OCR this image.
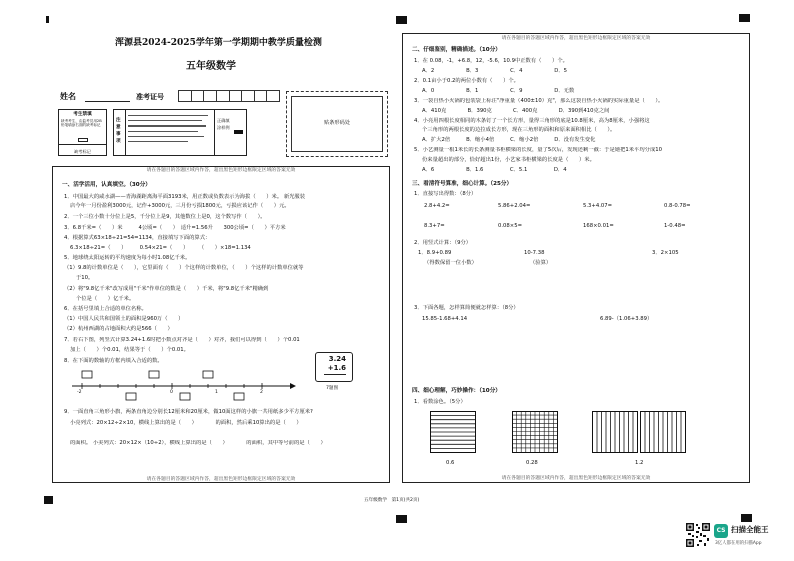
浑源县2024-2025学年第一学期期中教学质量检测
五年级数学
姓名	准考证号
考生禁填
缺考考生，由监考员用2B铅笔填涂右面的缺考标记
缺考标记
注意事项
正确填涂样例
贴条形码处
请在各题目的答题区域内作答，超出黑色矩形边框限定区域的答案无效
请在各题目的答题区域内作答，超出黑色矩形边框限定区域的答案无效
一、活学活用，认真填空。（30分）
1．中国最大的咸水湖——青海湖距离海平面3193米，用正数或负数表示为海拔（　　）米。 新光服装
店今年一月份盈利3000元，记作+3000元，三月份亏损1800元，亏损应该记作（　　）元。
2．一个三位小数十分位上是5，千分位上是9，其他数位上是0，这个数写作（　　）。
3．6.8千米=（　　）米　　　4公顷=（　　）　适升=1.56升　　300公顷=（　　）平方米
4．根据算式63×18÷21=54=1134，直接填写下面的算式：
6.3×18÷21=（　　）　　　0.54×21=（　　）　　　（　　）×18=1.134
5．地球绕太阳运转的平均速度为每小时1.08亿千米。
（1）9.8的计数单位是（　　），它里面有（　　）个这样的计数单位，（　　）个这样的计数单位就等
于10。
（2）将"9.8亿千米"改写成用"千米"作单位的数是（　　）千米，将"9.8亿千米"精确到
个位是（　　）亿千米。
6．在括号里填上合适的单位名称。
（1）中国人民共和国领土的面积是960万（　　）
（2）杭州西湖的占地面积大约是566（　　）
7．若右下图，列竖式计算3.24+1.6时把小数点对齐是（　　）对齐，我们可以得到（　　）个0.01
加上（　　）个0.01，结果等于（　　）个0.01。
8．在下面的数轴的方框内填入合适的数。	3.24
+1.6
7题图
-2	0	1	2
9．一面直角三角形小旗，两条直角边分别长12厘米和20厘米，做10面这样的小旗一共用纸多少平方厘米?
小亮列式：20×12÷2×10，横线上算出的是（　　）　　　　的面积，然后乘10算出的是（　　）
的面积。 小美列式：20×12×（10÷2），横线上算出的是（　　）　　　　的面积，其中等号前的是（　　）
请在各题目的答题区域内作答，超出黑色矩形边框限定区域的答案无效
请在各题目的答题区域内作答，超出黑色矩形边框限定区域的答案无效
二、仔细鉴别，精确描述。（10分）
1．在 0.08，-1，+6.8，12，-5.6，10.9中正数有（　　）个。
A．2　　　　　　B．3　　　　　　C．4　　　　　　D．5
2．0.1亩小于0.2的两位小数有（　　）个。
A．0　　　　　　B．1　　　　　　C．9　　　　　　D．无数
3．一袋自热小火锅的包装袋上标注"净重量（400±10）克"，那么这袋自热小火锅的实际重量是（　　）。
A．410克　　　　B．390克　　　　C．400克　　　　D．390到410克之间
4．小亮用四根长度相同的木条钉了一个长方形，量得三角形的底是10.8厘米，高为8厘米，小强将这
个三角形的两根长度的边拉成长方形，现在三角形的面积和原来面积相比（　　）。
A．扩大2倍　　　B．缩小4倍　　　C．缩小2倍　　　D．没有发生变化
5．小艺测量一根1米长的长条测量书柜横梁的长度，量了5次后，发现还剩一截：于是她把1米平均分成10
份来量超出的部分，恰好超出1份，小艺家书柜横梁的长度是（　　）米。
A．6　　　　　　B．1.6　　　　　C．5.1　　　　　D．4
三、看清符号算准，细心计算。（25分）
1．直接写出得数：（8分）
2.8+4.2=	5.86+2.04=	5.3+4.07=	0.8-0.78=
8.3+7=	0.08×5=	168×0.01=	1-0.48=
2．用竖式计算：（9分）
1．8.9+0.89	10-7.38	3．2×105
（得数保留一位小数）	（验算）
3．下面各题，怎样算简便就怎样算：（8分）
15.85-1.68+4.14	6.89-（1.06+3.89）
四、细心理解，巧妙操作：（10分）
1．看数涂色。（5分）
0.6	0.28	1.2
五年级数学　第1页(共2页)
CS 扫描全能王
3亿人都在用的扫描App
